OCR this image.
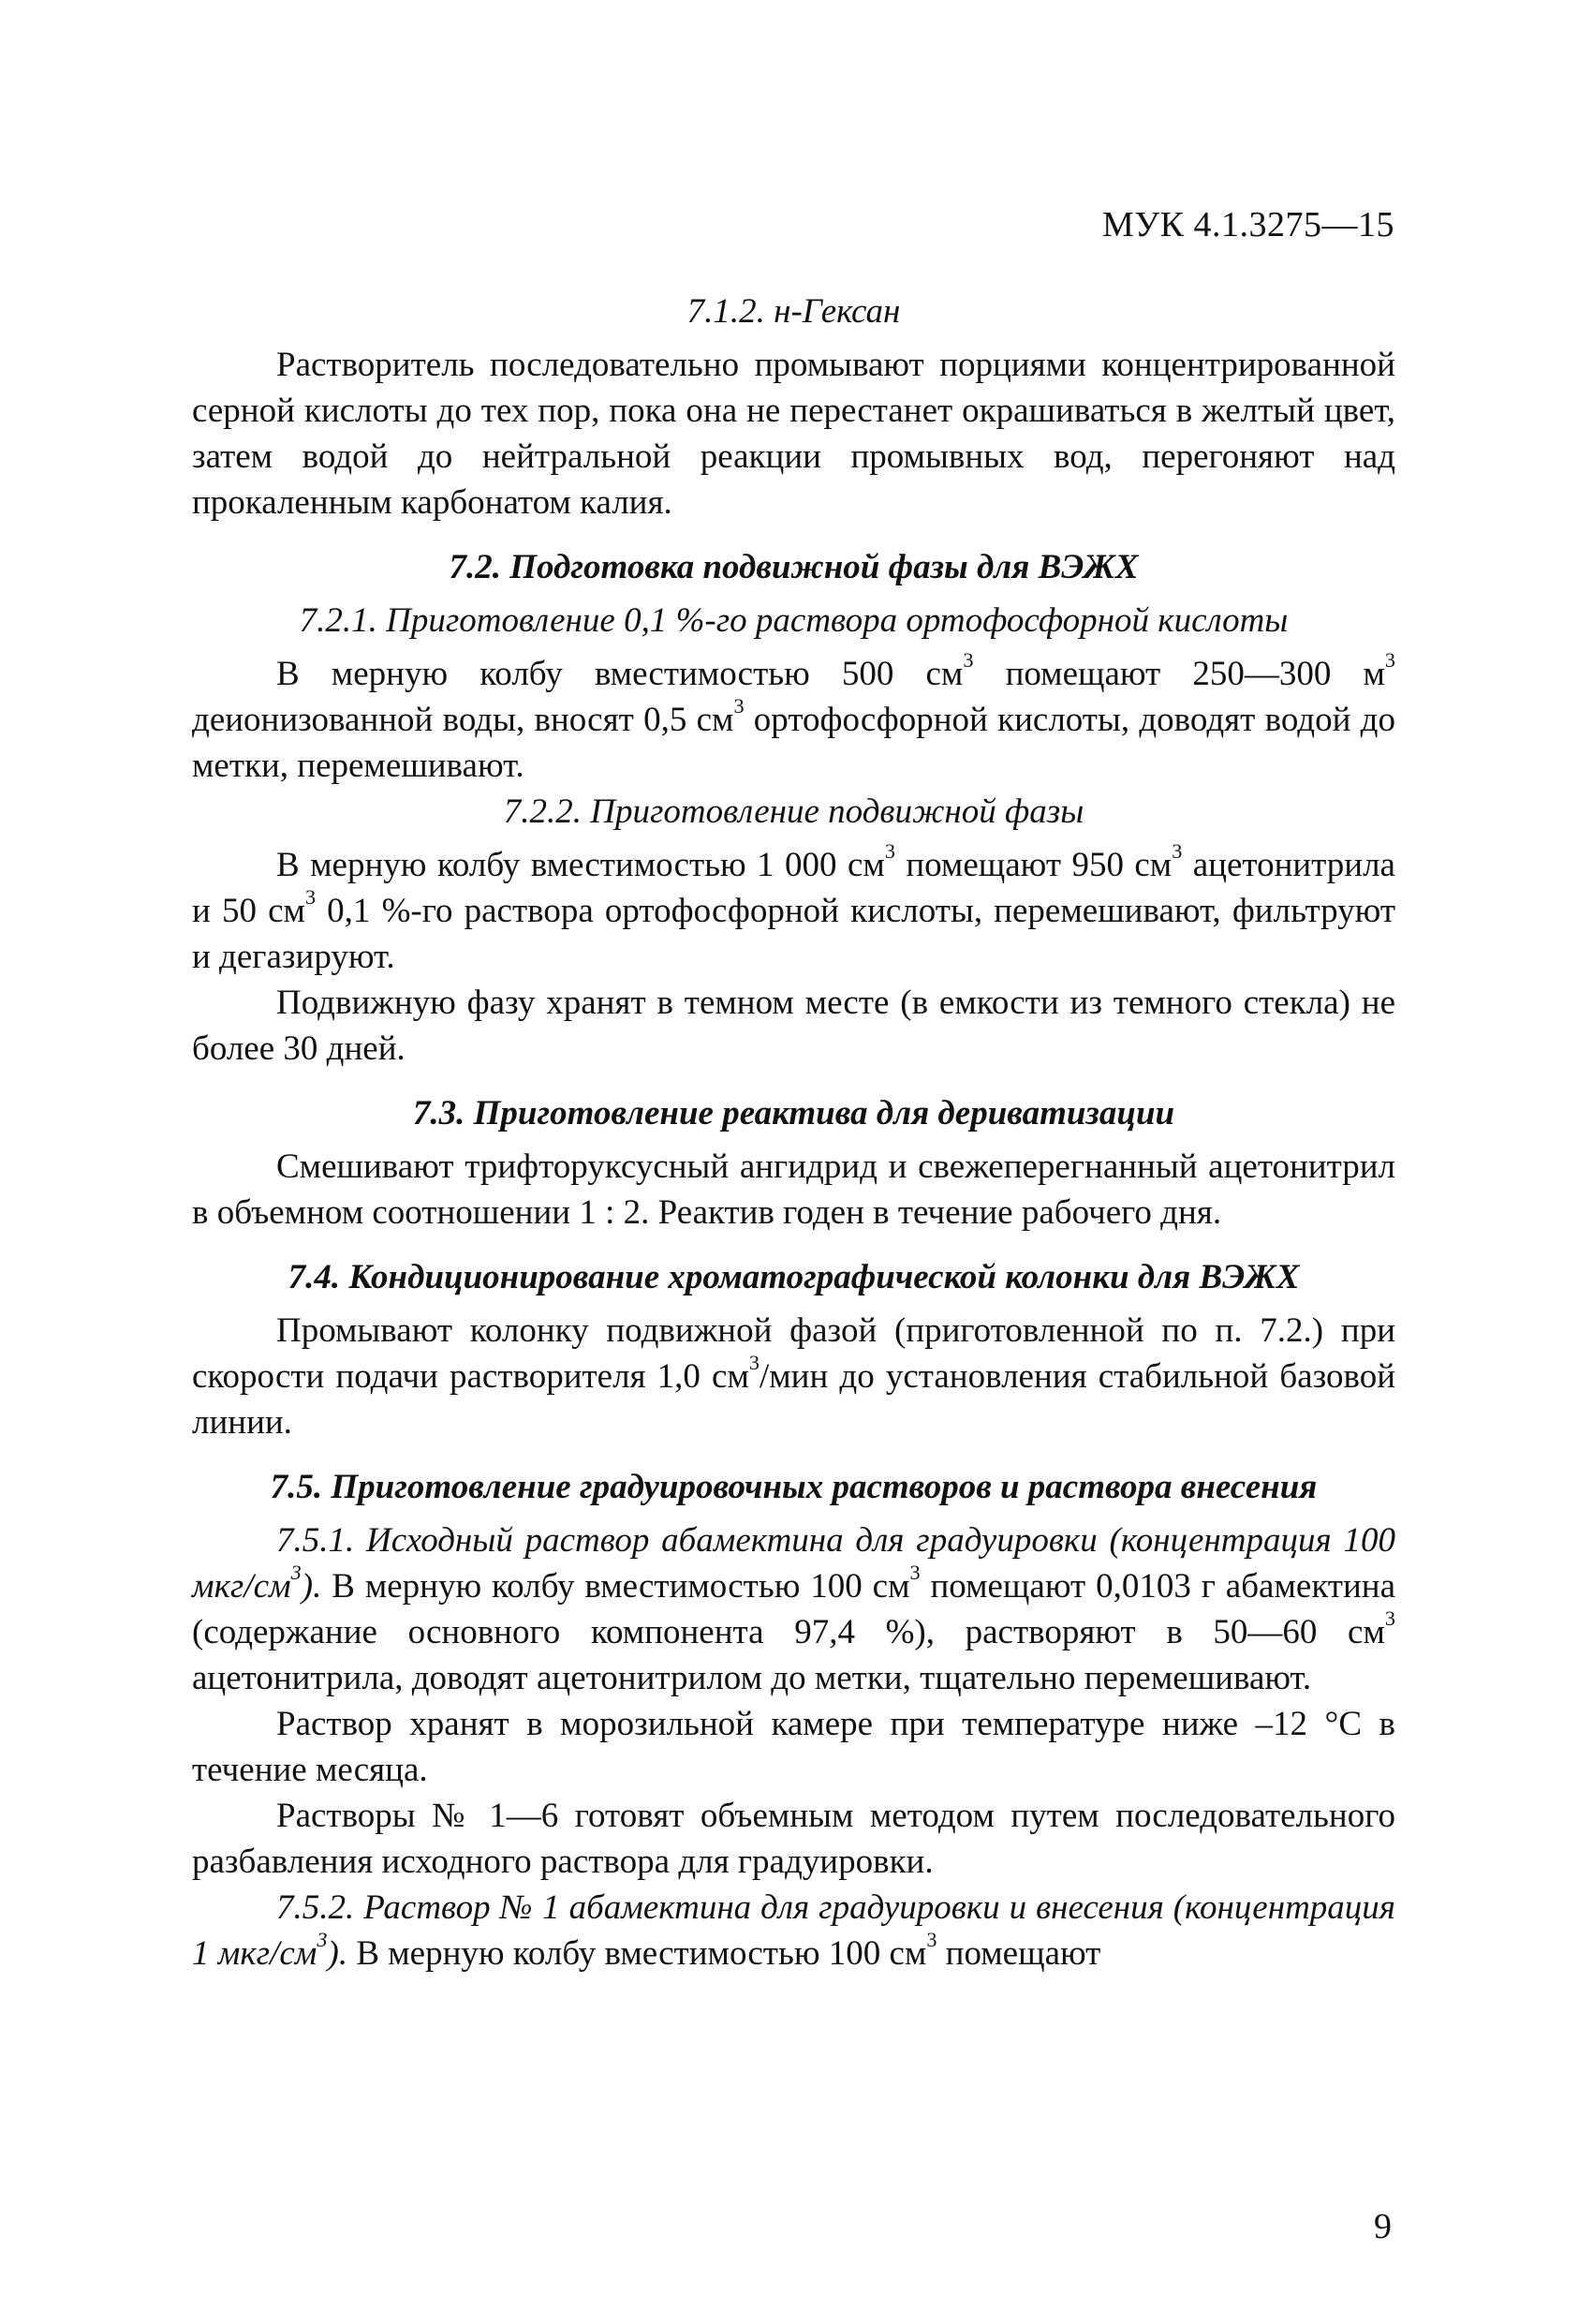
МУК 4.1.3275—15
7.1.2. н-Гексан

Растворитель последовательно промывают порциями концентрированной серной кислоты до тех пор, пока она не перестанет окрашиваться в желтый цвет, затем водой до нейтральной реакции промывных вод, перегоняют над прокаленным карбонатом калия.

7.2. Подготовка подвижной фазы для ВЭЖХ
7.2.1. Приготовление 0,1 %-го раствора ортофосфорной кислоты

В мерную колбу вместимостью 500 $см^3$ помещают 250—300 $м^3$ деионизованной воды, вносят 0,5 $см^3$ ортофосфорной кислоты, доводят водой до метки, перемешивают.

7.2.2. Приготовление подвижной фазы

В мерную колбу вместимостью 1 000 $см^3$ помещают 950 $см^3$ ацетонитрила и 50 $см^3$ 0,1 %-го раствора ортофосфорной кислоты, перемешивают, фильтруют и дегазируют.

Подвижную фазу хранят в темном месте (в емкости из темного стекла) не более 30 дней.

7.3. Приготовление реактива для дериватизации

Смешивают трифторуксусный ангидрид и свежеперегнанный ацетонитрил в объемном соотношении 1 : 2. Реактив годен в течение рабочего дня.

7.4. Кондиционирование хроматографической колонки для ВЭЖХ

Промывают колонку подвижной фазой (приготовленной по п. 7.2.) при скорости подачи растворителя 1,0 $см^3$/мин до установления стабильной базовой линии.

7.5. Приготовление градуировочных растворов и раствора внесения

7.5.1. Исходный раствор абамектина для градуировки (концентрация 100 мкг/$см^3$). В мерную колбу вместимостью 100 $см^3$ помещают 0,0103 г абамектина (содержание основного компонента 97,4 %), растворяют в 50—60 $см^3$ ацетонитрила, доводят ацетонитрилом до метки, тщательно перемешивают.

Раствор хранят в морозильной камере при температуре ниже –12 °С в течение месяца.

Растворы № 1—6 готовят объемным методом путем последовательного разбавления исходного раствора для градуировки.

7.5.2. Раствор № 1 абамектина для градуировки и внесения (концентрация 1 мкг/$см^3$). В мерную колбу вместимостью 100 $см^3$ помещают

9
